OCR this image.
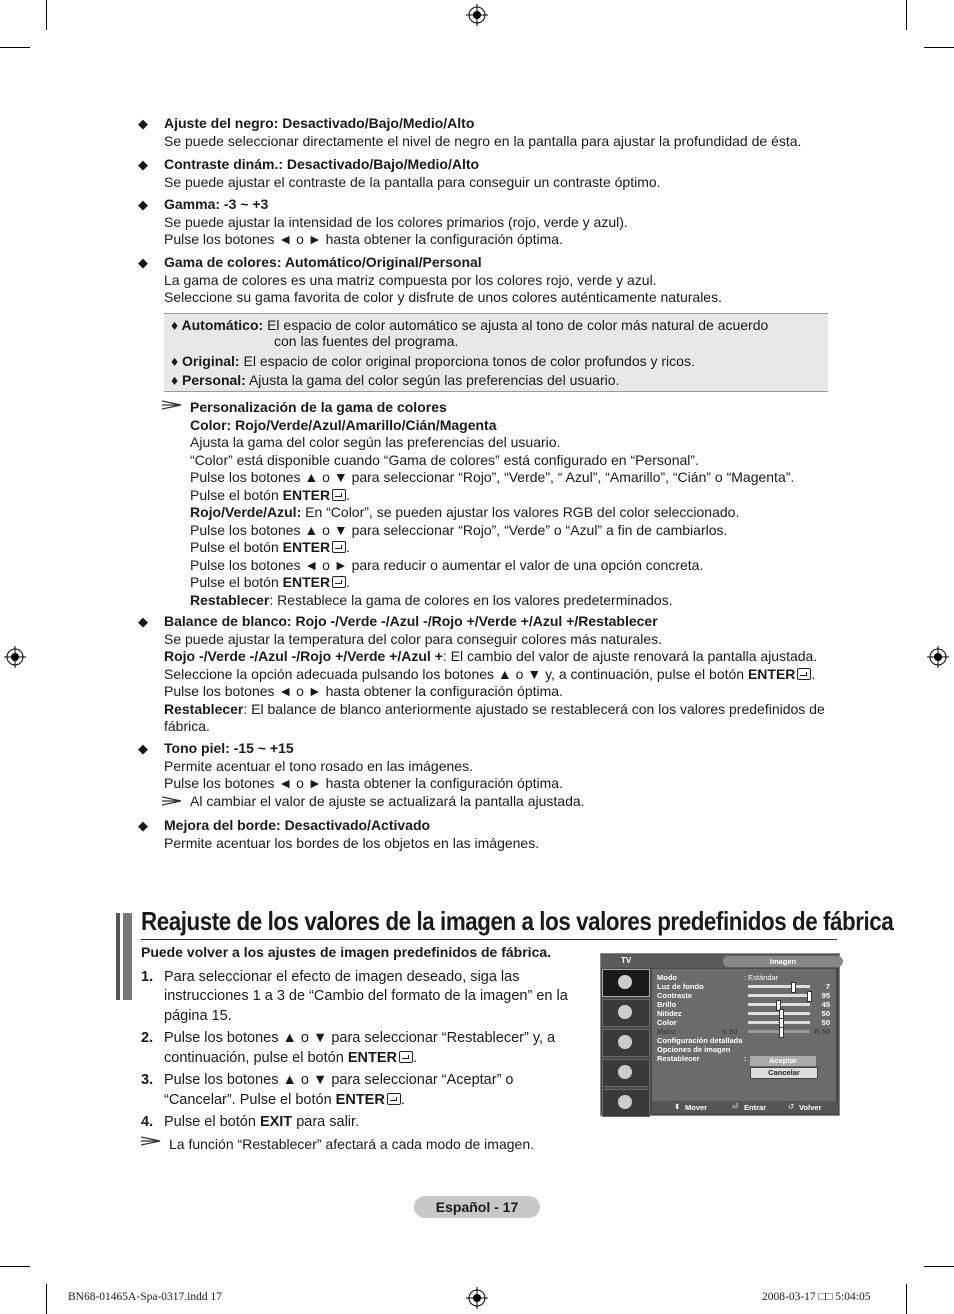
◆ Ajuste del negro: Desactivado/Bajo/Medio/Alto
Se puede seleccionar directamente el nivel de negro en la pantalla para ajustar la profundidad de ésta.
◆ Contraste dinám.: Desactivado/Bajo/Medio/Alto
Se puede ajustar el contraste de la pantalla para conseguir un contraste óptimo.
◆ Gamma: -3 ~ +3
Se puede ajustar la intensidad de los colores primarios (rojo, verde y azul).
Pulse los botones ◄ o ► hasta obtener la configuración óptima.
◆ Gama de colores: Automático/Original/Personal
La gama de colores es una matriz compuesta por los colores rojo, verde y azul.
Seleccione su gama favorita de color y disfrute de unos colores auténticamente naturales.
♦ Automático: El espacio de color automático se ajusta al tono de color más natural de acuerdo
con las fuentes del programa.
♦ Original: El espacio de color original proporciona tonos de color profundos y ricos.
♦ Personal: Ajusta la gama del color según las preferencias del usuario.
Personalización de la gama de colores
Color: Rojo/Verde/Azul/Amarillo/Cián/Magenta
Ajusta la gama del color según las preferencias del usuario.
“Color” está disponible cuando “Gama de colores” está configurado en “Personal”.
Pulse los botones ▲ o ▼ para seleccionar “Rojo”, “Verde”, “ Azul”, “Amarillo”, “Cián” o “Magenta”.
Pulse el botón ENTER .
Rojo/Verde/Azul: En “Color”, se pueden ajustar los valores RGB del color seleccionado.
Pulse los botones ▲ o ▼ para seleccionar “Rojo”, “Verde” o “Azul” a fin de cambiarlos.
Pulse el botón ENTER .
Pulse los botones ◄ o ► para reducir o aumentar el valor de una opción concreta.
Pulse el botón ENTER .
Restablecer: Restablece la gama de colores en los valores predeterminados.
◆ Balance de blanco: Rojo -/Verde -/Azul -/Rojo +/Verde +/Azul +/Restablecer
Se puede ajustar la temperatura del color para conseguir colores más naturales.
Rojo -/Verde -/Azul -/Rojo +/Verde +/Azul +: El cambio del valor de ajuste renovará la pantalla ajustada.
Seleccione la opción adecuada pulsando los botones ▲ o ▼ y, a continuación, pulse el botón ENTER .
Pulse los botones ◄ o ► hasta obtener la configuración óptima.
Restablecer: El balance de blanco anteriormente ajustado se restablecerá con los valores predefinidos de
fábrica.
◆ Tono piel: -15 ~ +15
Permite acentuar el tono rosado en las imágenes.
Pulse los botones ◄ o ► hasta obtener la configuración óptima.
Al cambiar el valor de ajuste se actualizará la pantalla ajustada.
◆ Mejora del borde: Desactivado/Activado
Permite acentuar los bordes de los objetos en las imágenes.
Reajuste de los valores de la imagen a los valores predefinidos de fábrica
Puede volver a los ajustes de imagen predefinidos de fábrica.
1. Para seleccionar el efecto de imagen deseado, siga las instrucciones 1 a 3 de “Cambio del formato de la imagen” en la página 15.
2. Pulse los botones ▲ o ▼ para seleccionar “Restablecer” y, a continuación, pulse el botón ENTER .
3. Pulse los botones ▲ o ▼ para seleccionar “Aceptar” o “Cancelar”. Pulse el botón ENTER .
4. Pulse el botón EXIT para salir.
La función “Restablecer” afectará a cada modo de imagen.
TV	Imagen
Modo	: Estándar
Luz de fondo	7
Contraste	95
Brillo	45
Nitidez	50
Color	50
Matiz	V 50	R 50
Configuración detallada
Opciones de imagen
Restablecer	:	Aceptar
Cancelar
⬍ Mover	⏎ Entrar	↺ Volver
Español - 17
BN68-01465A-Spa-0317.indd 17	2008-03-17 □□ 5:04:05
